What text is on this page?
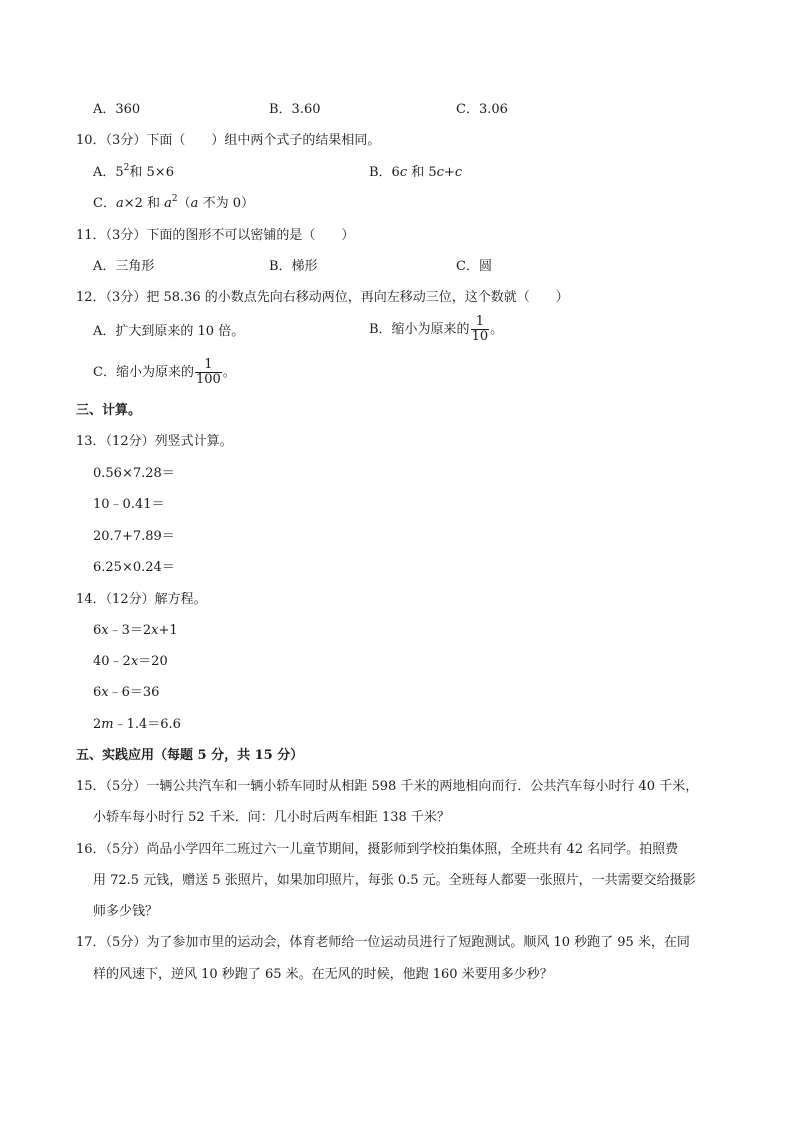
A．360	B．3.60	C．3.06
10．（3分）下面（　　）组中两个式子的结果相同。
A．$5^2$和 5×6	B．6c 和 5c+c
C．a×2 和 $a^2(a$ 不为 0）
11．（3分）下面的图形不可以密铺的是（　　）
A．三角形	B．梯形	C．圆
12．（3分）把 58.36 的小数点先向右移动两位，再向左移动三位，这个数就（　　）
A．扩大到原来的 10 倍。	B．缩小为原来的 $\frac{1}{10}$ 。
C．缩小为原来的 $\frac{1}{100}$ 。
三、计算。
13．（12分）列竖式计算。
0.56×7.28＝
10﹣0.41＝
20.7+7.89＝
6.25×0.24＝
14．（12分）解方程。
6x﹣3＝2x+1
40﹣2x＝20
6x﹣6＝36
2m﹣1.4＝6.6
五、实践应用（每题 5 分，共 15 分）
15．（5分）一辆公共汽车和一辆小轿车同时从相距 598 千米的两地相向而行．公共汽车每小时行 40 千米，
小轿车每小时行 52 千米．问：几小时后两车相距 138 千米？
16．（5分）尚品小学四年二班过六一儿童节期间，摄影师到学校拍集体照，全班共有 42 名同学。拍照费
用 72.5 元钱，赠送 5 张照片，如果加印照片，每张 0.5 元。全班每人都要一张照片，一共需要交给摄影
师多少钱？
17．（5分）为了参加市里的运动会，体育老师给一位运动员进行了短跑测试。顺风 10 秒跑了 95 米，在同
样的风速下，逆风 10 秒跑了 65 米。在无风的时候，他跑 160 米要用多少秒？
